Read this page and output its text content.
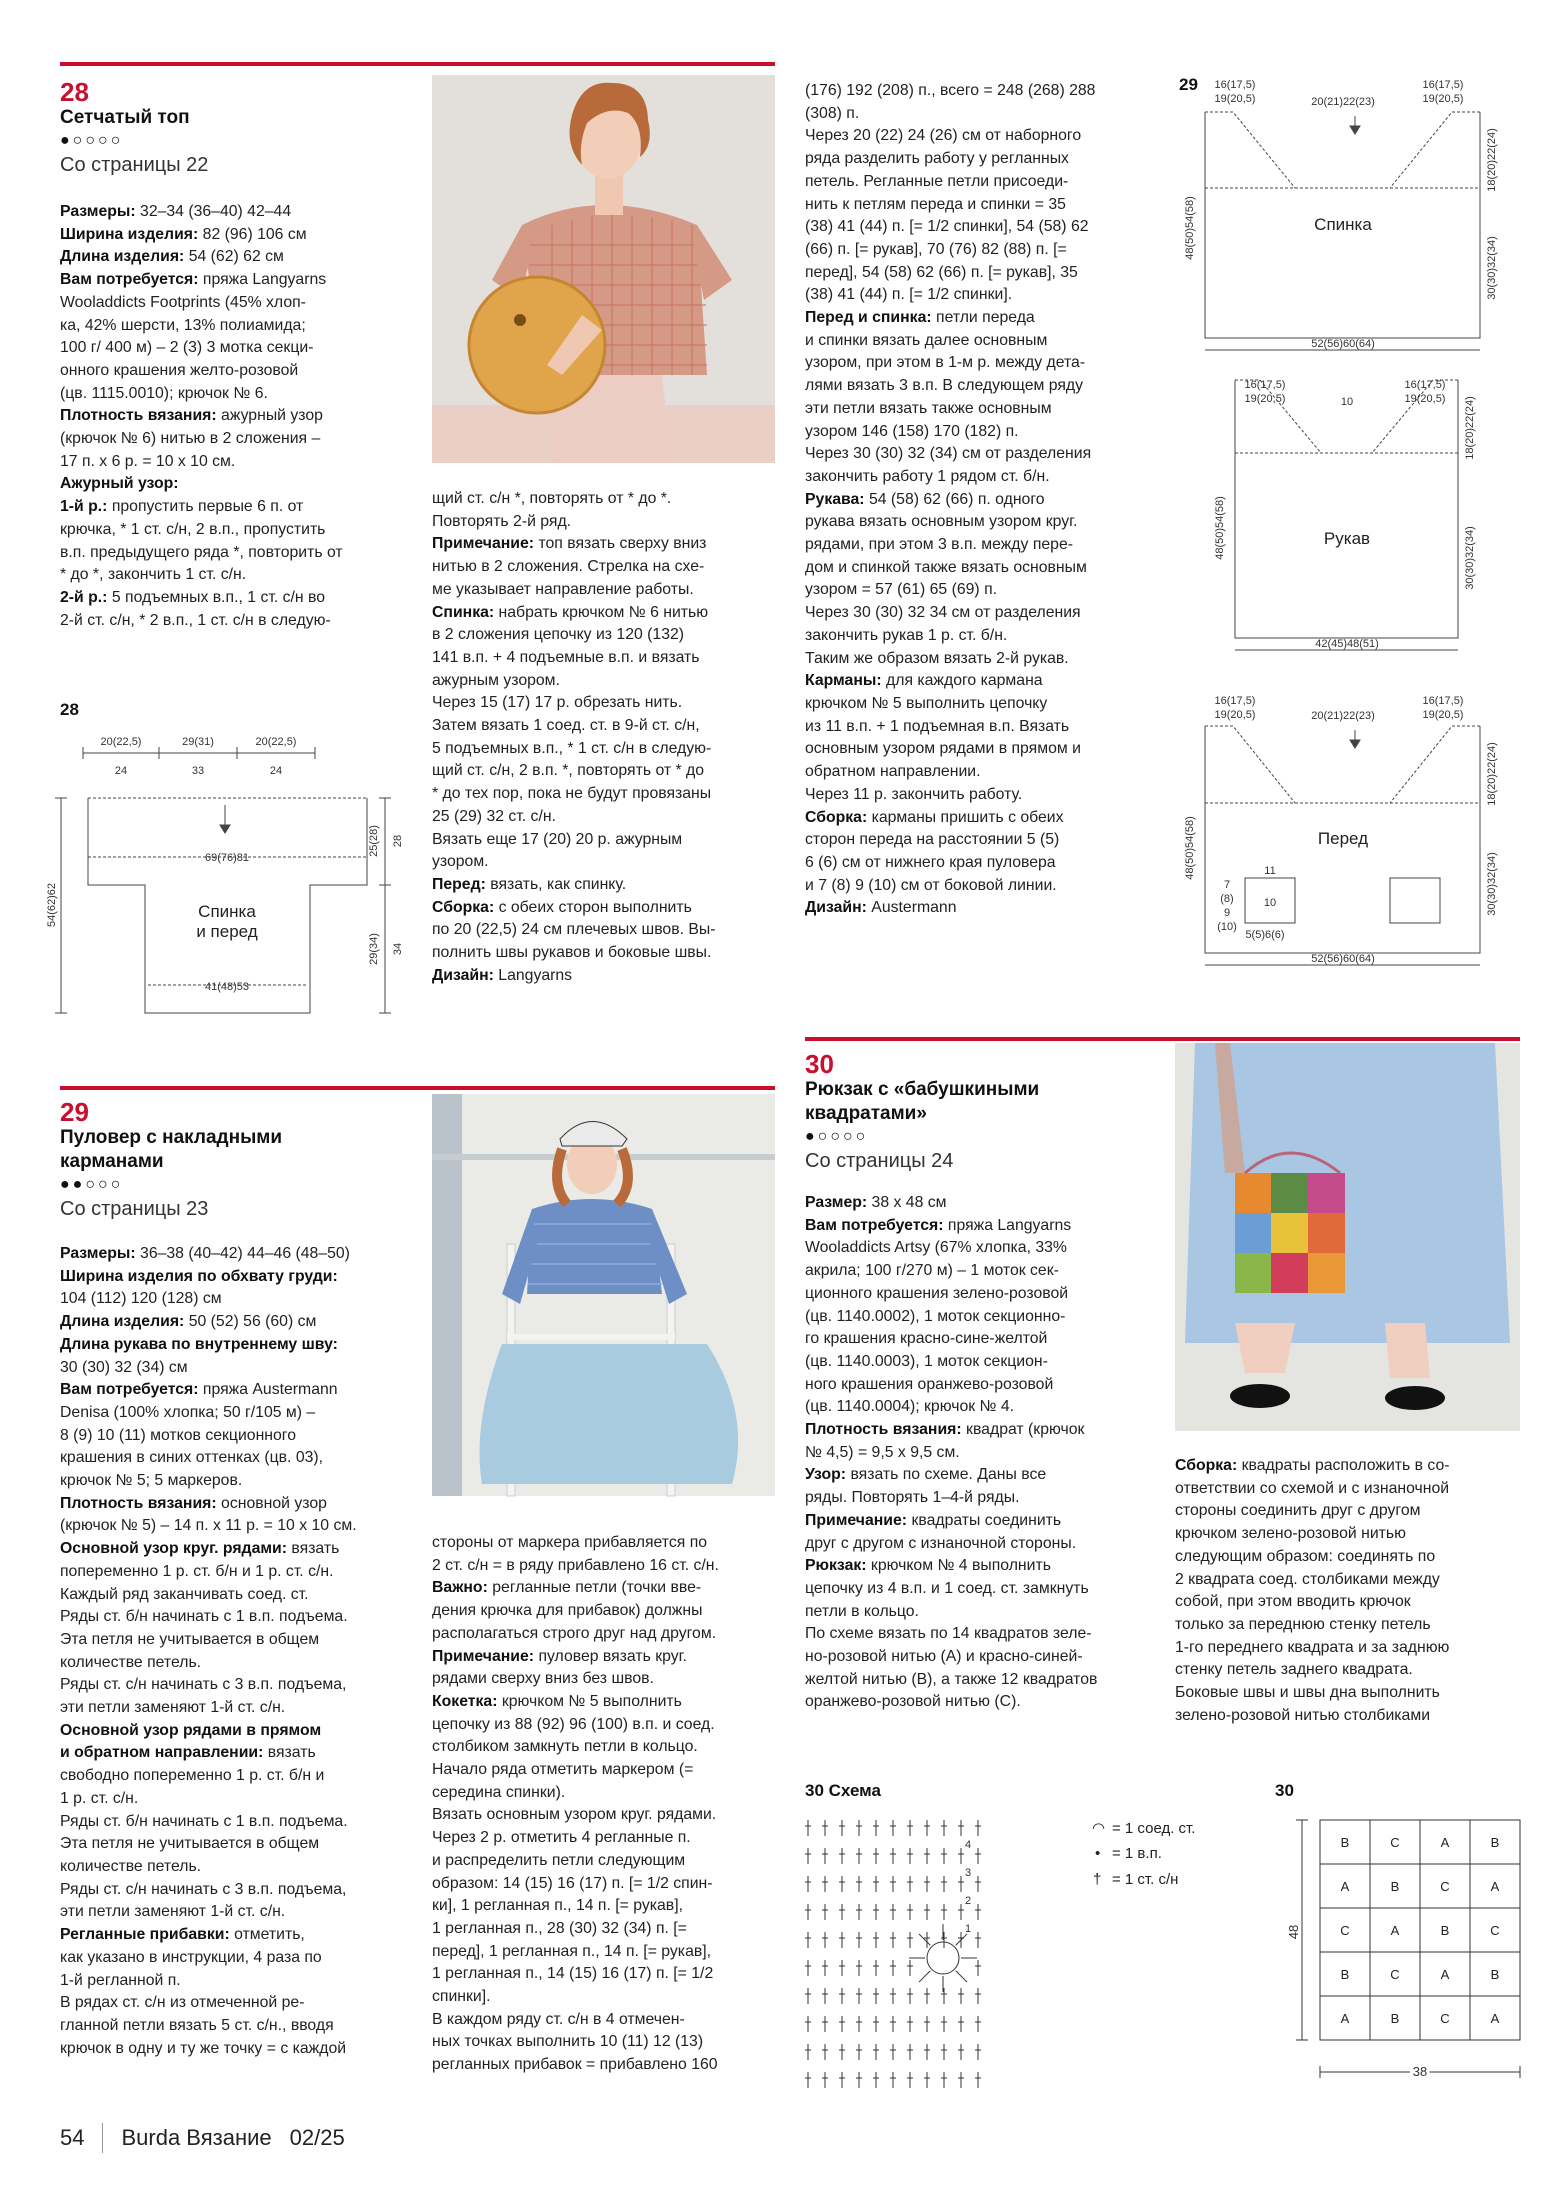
28
Сетчатый топ
●○○○○
Со страницы 22

Размеры: 32–34 (36–40) 42–44

Ширина изделия: 82 (96) 106 см

Длина изделия: 54 (62) 62 см

Вам потребуется: пряжа Langyarns

Wooladdicts Footprints (45% хлоп-

ка, 42% шерсти, 13% полиамида;

100 г/ 400 м) – 2 (3) 3 мотка секци-

онного крашения желто-розовой

(цв. 1115.0010); крючок № 6.

Плотность вязания: ажурный узор

(крючок № 6) нитью в 2 сложения –

17 п. х 6 р. = 10 х 10 см.

Ажурный узор:

1-й р.: пропустить первые 6 п. от

крючка, * 1 ст. с/н, 2 в.п., пропустить

в.п. предыдущего ряда *, повторить от

* до *, закончить 1 ст. с/н.

2-й р.: 5 подъемных в.п., 1 ст. с/н во

2-й ст. с/н, * 2 в.п., 1 ст. с/н в следую-

щий ст. с/н *, повторять от * до *.

Повторять 2-й ряд.

Примечание: топ вязать сверху вниз

нитью в 2 сложения. Стрелка на схе-

ме указывает направление работы.

Спинка: набрать крючком № 6 нитью

в 2 сложения цепочку из 120 (132)

141 в.п. + 4 подъемные в.п. и вязать

ажурным узором.

Через 15 (17) 17 р. обрезать нить.

Затем вязать 1 соед. ст. в 9-й ст. с/н,

5 подъемных в.п., * 1 ст. с/н в следую-

щий ст. с/н, 2 в.п. *, повторять от * до

* до тех пор, пока не будут провязаны

25 (29) 32 ст. с/н.

Вязать еще 17 (20) 20 р. ажурным

узором.

Перед: вязать, как спинку.

Сборка: с обеих сторон выполнить

по 20 (22,5) 24 см плечевых швов. Вы-

полнить швы рукавов и боковые швы.

Дизайн: Langyarns

28
20(22,5)	29(31)	20(22,5)
24	33	24
69(76)81
41(48)53
Спинка
и перед
54(62)62
25(28) 28
29(34) 34

(176) 192 (208) п., всего = 248 (268) 288

(308) п.

Через 20 (22) 24 (26) см от наборного

ряда разделить работу у регланных

петель. Регланные петли присоеди-

нить к петлям переда и спинки = 35

(38) 41 (44) п. [= 1/2 спинки], 54 (58) 62

(66) п. [= рукав], 70 (76) 82 (88) п. [=

перед], 54 (58) 62 (66) п. [= рукав], 35

(38) 41 (44) п. [= 1/2 спинки].

Перед и спинка: петли переда

и спинки вязать далее основным

узором, при этом в 1-м р. между дета-

лями вязать 3 в.п. В следующем ряду

эти петли вязать также основным

узором 146 (158) 170 (182) п.

Через 30 (30) 32 (34) см от разделения

закончить работу 1 рядом ст. б/н.

Рукава: 54 (58) 62 (66) п. одного

рукава вязать основным узором круг.

рядами, при этом 3 в.п. между пере-

дом и спинкой также вязать основным

узором = 57 (61) 65 (69) п.

Через 30 (30) 32 34 см от разделения

закончить рукав 1 р. ст. б/н.

Таким же образом вязать 2-й рукав.

Карманы: для каждого кармана

крючком № 5 выполнить цепочку

из 11 в.п. + 1 подъемная в.п. Вязать

основным узором рядами в прямом и

обратном направлении.

Через 11 р. закончить работу.

Сборка: карманы пришить с обеих

сторон переда на расстоянии 5 (5)

6 (6) см от нижнего края пуловера

и 7 (8) 9 (10) см от боковой линии.

Дизайн: Austermann

29 16(17,5)
19(20,5)
16(17,5)
19(20,5)
20(21)22(23)
52(56)60(64)
16(17,5)
19(20,5)
16(17,5)
19(20,5)
10
42(45)48(51)
16(17,5)
19(20,5)
16(17,5)
19(20,5)
20(21)22(23)
52(56)60(64)
7
(8)
9
(10)
11
10
5(5)6(6)
Спинка
Рукав
Перед
48(50)54(58)
18(20)22(24)
30(30)32(34)
48(50)54(58)
18(20)22(24)
30(30)32(34)
48(50)54(58)
18(20)22(24)
30(30)32(34)
29
Пуловер с накладными
карманами
●●○○○
Со страницы 23

Размеры: 36–38 (40–42) 44–46 (48–50)

Ширина изделия по обхвату груди:

104 (112) 120 (128) см

Длина изделия: 50 (52) 56 (60) см

Длина рукава по внутреннему шву:

30 (30) 32 (34) см

Вам потребуется: пряжа Austermann

Denisa (100% хлопка; 50 г/105 м) –

8 (9) 10 (11) мотков секционного

крашения в синих оттенках (цв. 03),

крючок № 5; 5 маркеров.

Плотность вязания: основной узор

(крючок № 5) – 14 п. х 11 р. = 10 х 10 см.

Основной узор круг. рядами: вязать

попеременно 1 р. ст. б/н и 1 р. ст. с/н.

Каждый ряд заканчивать соед. ст.

Ряды ст. б/н начинать с 1 в.п. подъема.

Эта петля не учитывается в общем

количестве петель.

Ряды ст. с/н начинать с 3 в.п. подъема,

эти петли заменяют 1-й ст. с/н.

Основной узор рядами в прямом

и обратном направлении: вязать

свободно попеременно 1 р. ст. б/н и

1 р. ст. с/н.

Ряды ст. б/н начинать с 1 в.п. подъема.

Эта петля не учитывается в общем

количестве петель.

Ряды ст. с/н начинать с 3 в.п. подъема,

эти петли заменяют 1-й ст. с/н.

Регланные прибавки: отметить,

как указано в инструкции, 4 раза по

1-й регланной п.

В рядах ст. с/н из отмеченной ре-

гланной петли вязать 5 ст. с/н., вводя

крючок в одну и ту же точку = с каждой

стороны от маркера прибавляется по

2 ст. с/н = в ряду прибавлено 16 ст. с/н.

Важно: регланные петли (точки вве-

дения крючка для прибавок) должны

располагаться строго друг над другом.

Примечание: пуловер вязать круг.

рядами сверху вниз без швов.

Кокетка: крючком № 5 выполнить

цепочку из 88 (92) 96 (100) в.п. и соед.

столбиком замкнуть петли в кольцо.

Начало ряда отметить маркером (=

середина спинки).

Вязать основным узором круг. рядами.

Через 2 р. отметить 4 регланные п.

и распределить петли следующим

образом: 14 (15) 16 (17) п. [= 1/2 спин-

ки], 1 регланная п., 14 п. [= рукав],

1 регланная п., 28 (30) 32 (34) п. [=

перед], 1 регланная п., 14 п. [= рукав],

1 регланная п., 14 (15) 16 (17) п. [= 1/2

спинки].

В каждом ряду ст. с/н в 4 отмечен-

ных точках выполнить 10 (11) 12 (13)

регланных прибавок = прибавлено 160

30
Рюкзак с «бабушкиными
квадратами»
●○○○○
Со страницы 24

Размер: 38 х 48 см

Вам потребуется: пряжа Langyarns

Wooladdicts Artsy (67% хлопка, 33%

акрила; 100 г/270 м) – 1 моток сек-

ционного крашения зелено-розовой

(цв. 1140.0002), 1 моток секционно-

го крашения красно-сине-желтой

(цв. 1140.0003), 1 моток секцион-

ного крашения оранжево-розовой

(цв. 1140.0004); крючок № 4.

Плотность вязания: квадрат (крючок

№ 4,5) = 9,5 х 9,5 см.

Узор: вязать по схеме. Даны все

ряды. Повторять 1–4-й ряды.

Примечание: квадраты соединить

друг с другом с изнаночной стороны.

Рюкзак: крючком № 4 выполнить

цепочку из 4 в.п. и 1 соед. ст. замкнуть

петли в кольцо.

По схеме вязать по 14 квадратов зеле-

но-розовой нитью (А) и красно-синей-

желтой нитью (В), а также 12 квадратов

оранжево-розовой нитью (С).

Сборка: квадраты расположить в со-

ответствии со схемой и с изнаночной

стороны соединить друг с другом

крючком зелено-розовой нитью

следующим образом: соединять по

2 квадрата соед. столбиками между

собой, при этом вводить крючок

только за переднюю стенку петель

1-го переднего квадрата и за заднюю

стенку петель заднего квадрата.

Боковые швы и швы дна выполнить

зелено-розовой нитью столбиками

30 Схема
4
3
2
1
◠ = 1 соед. ст.
• = 1 в.п.
† = 1 ст. с/н
30
B	C	A	B
A	B	C	A
C	A	B	C
B	C	A	B
A	B	C	A
48
38
54 Burda Вязание 02/25
